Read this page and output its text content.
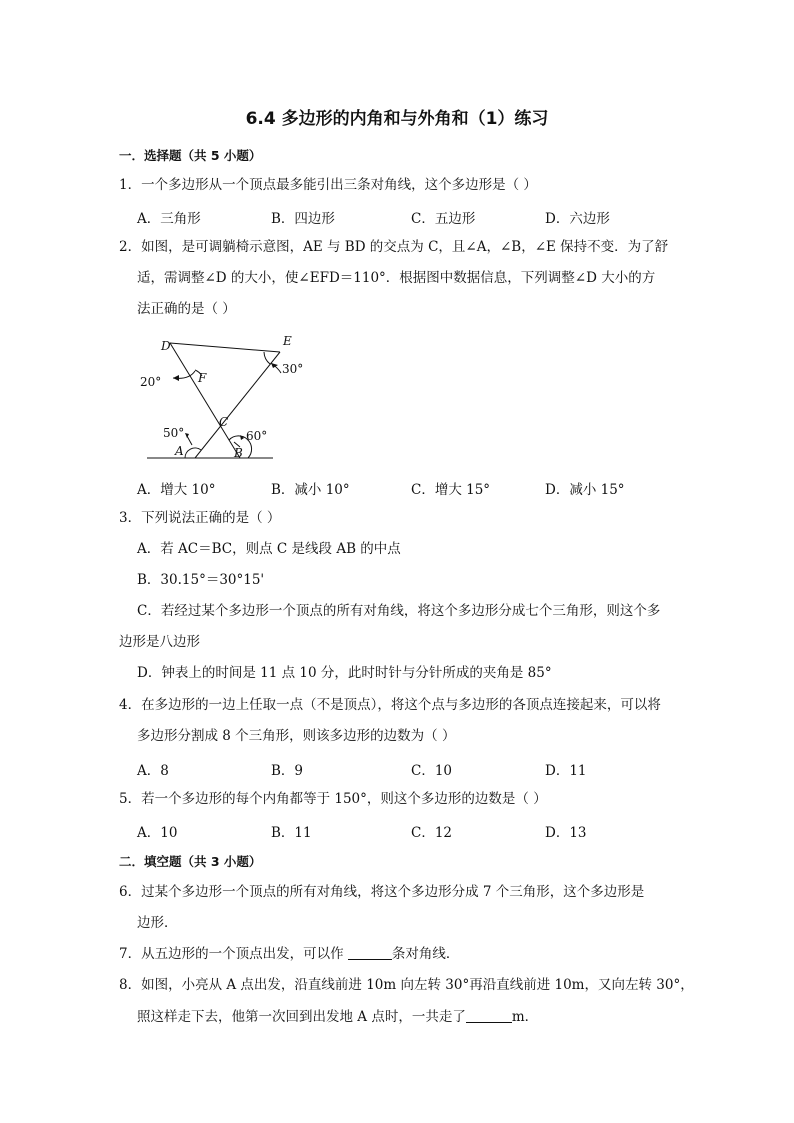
6.4 多边形的内角和与外角和（1）练习
一．选择题（共 5 小题）
1．一个多边形从一个顶点最多能引出三条对角线，这个多边形是（ ）
A．三角形	B．四边形	C．五边形	D．六边形
2．如图，是可调躺椅示意图，AE 与 BD 的交点为 C，且∠A，∠B，∠E 保持不变．为了舒
适，需调整∠D 的大小，使∠EFD＝110°．根据图中数据信息，下列调整∠D 大小的方
法正确的是（ ）
D	E
F
C
A	B
20°
30°
50°	60°
A．增大 10°	B．减小 10°	C．增大 15°	D．减小 15°
3．下列说法正确的是（ ）
A．若 AC＝BC，则点 C 是线段 AB 的中点
B．30.15°＝30°15'
C．若经过某个多边形一个顶点的所有对角线，将这个多边形分成七个三角形，则这个多
边形是八边形
D．钟表上的时间是 11 点 10 分，此时时针与分针所成的夹角是 85°
4．在多边形的一边上任取一点（不是顶点），将这个点与多边形的各顶点连接起来，可以将
多边形分割成 8 个三角形，则该多边形的边数为（ ）
A．8	B．9	C．10	D．11
5．若一个多边形的每个内角都等于 150°，则这个多边形的边数是（ ）
A．10	B．11	C．12	D．13
二．填空题（共 3 小题）
6．过某个多边形一个顶点的所有对角线，将这个多边形分成 7 个三角形，这个多边形是
边形．
7．从五边形的一个顶点出发，可以作	条对角线．
8．如图，小亮从 A 点出发，沿直线前进 10m 向左转 30°再沿直线前进 10m，又向左转 30°，
照这样走下去，他第一次回到出发地 A 点时，一共走了	m．
